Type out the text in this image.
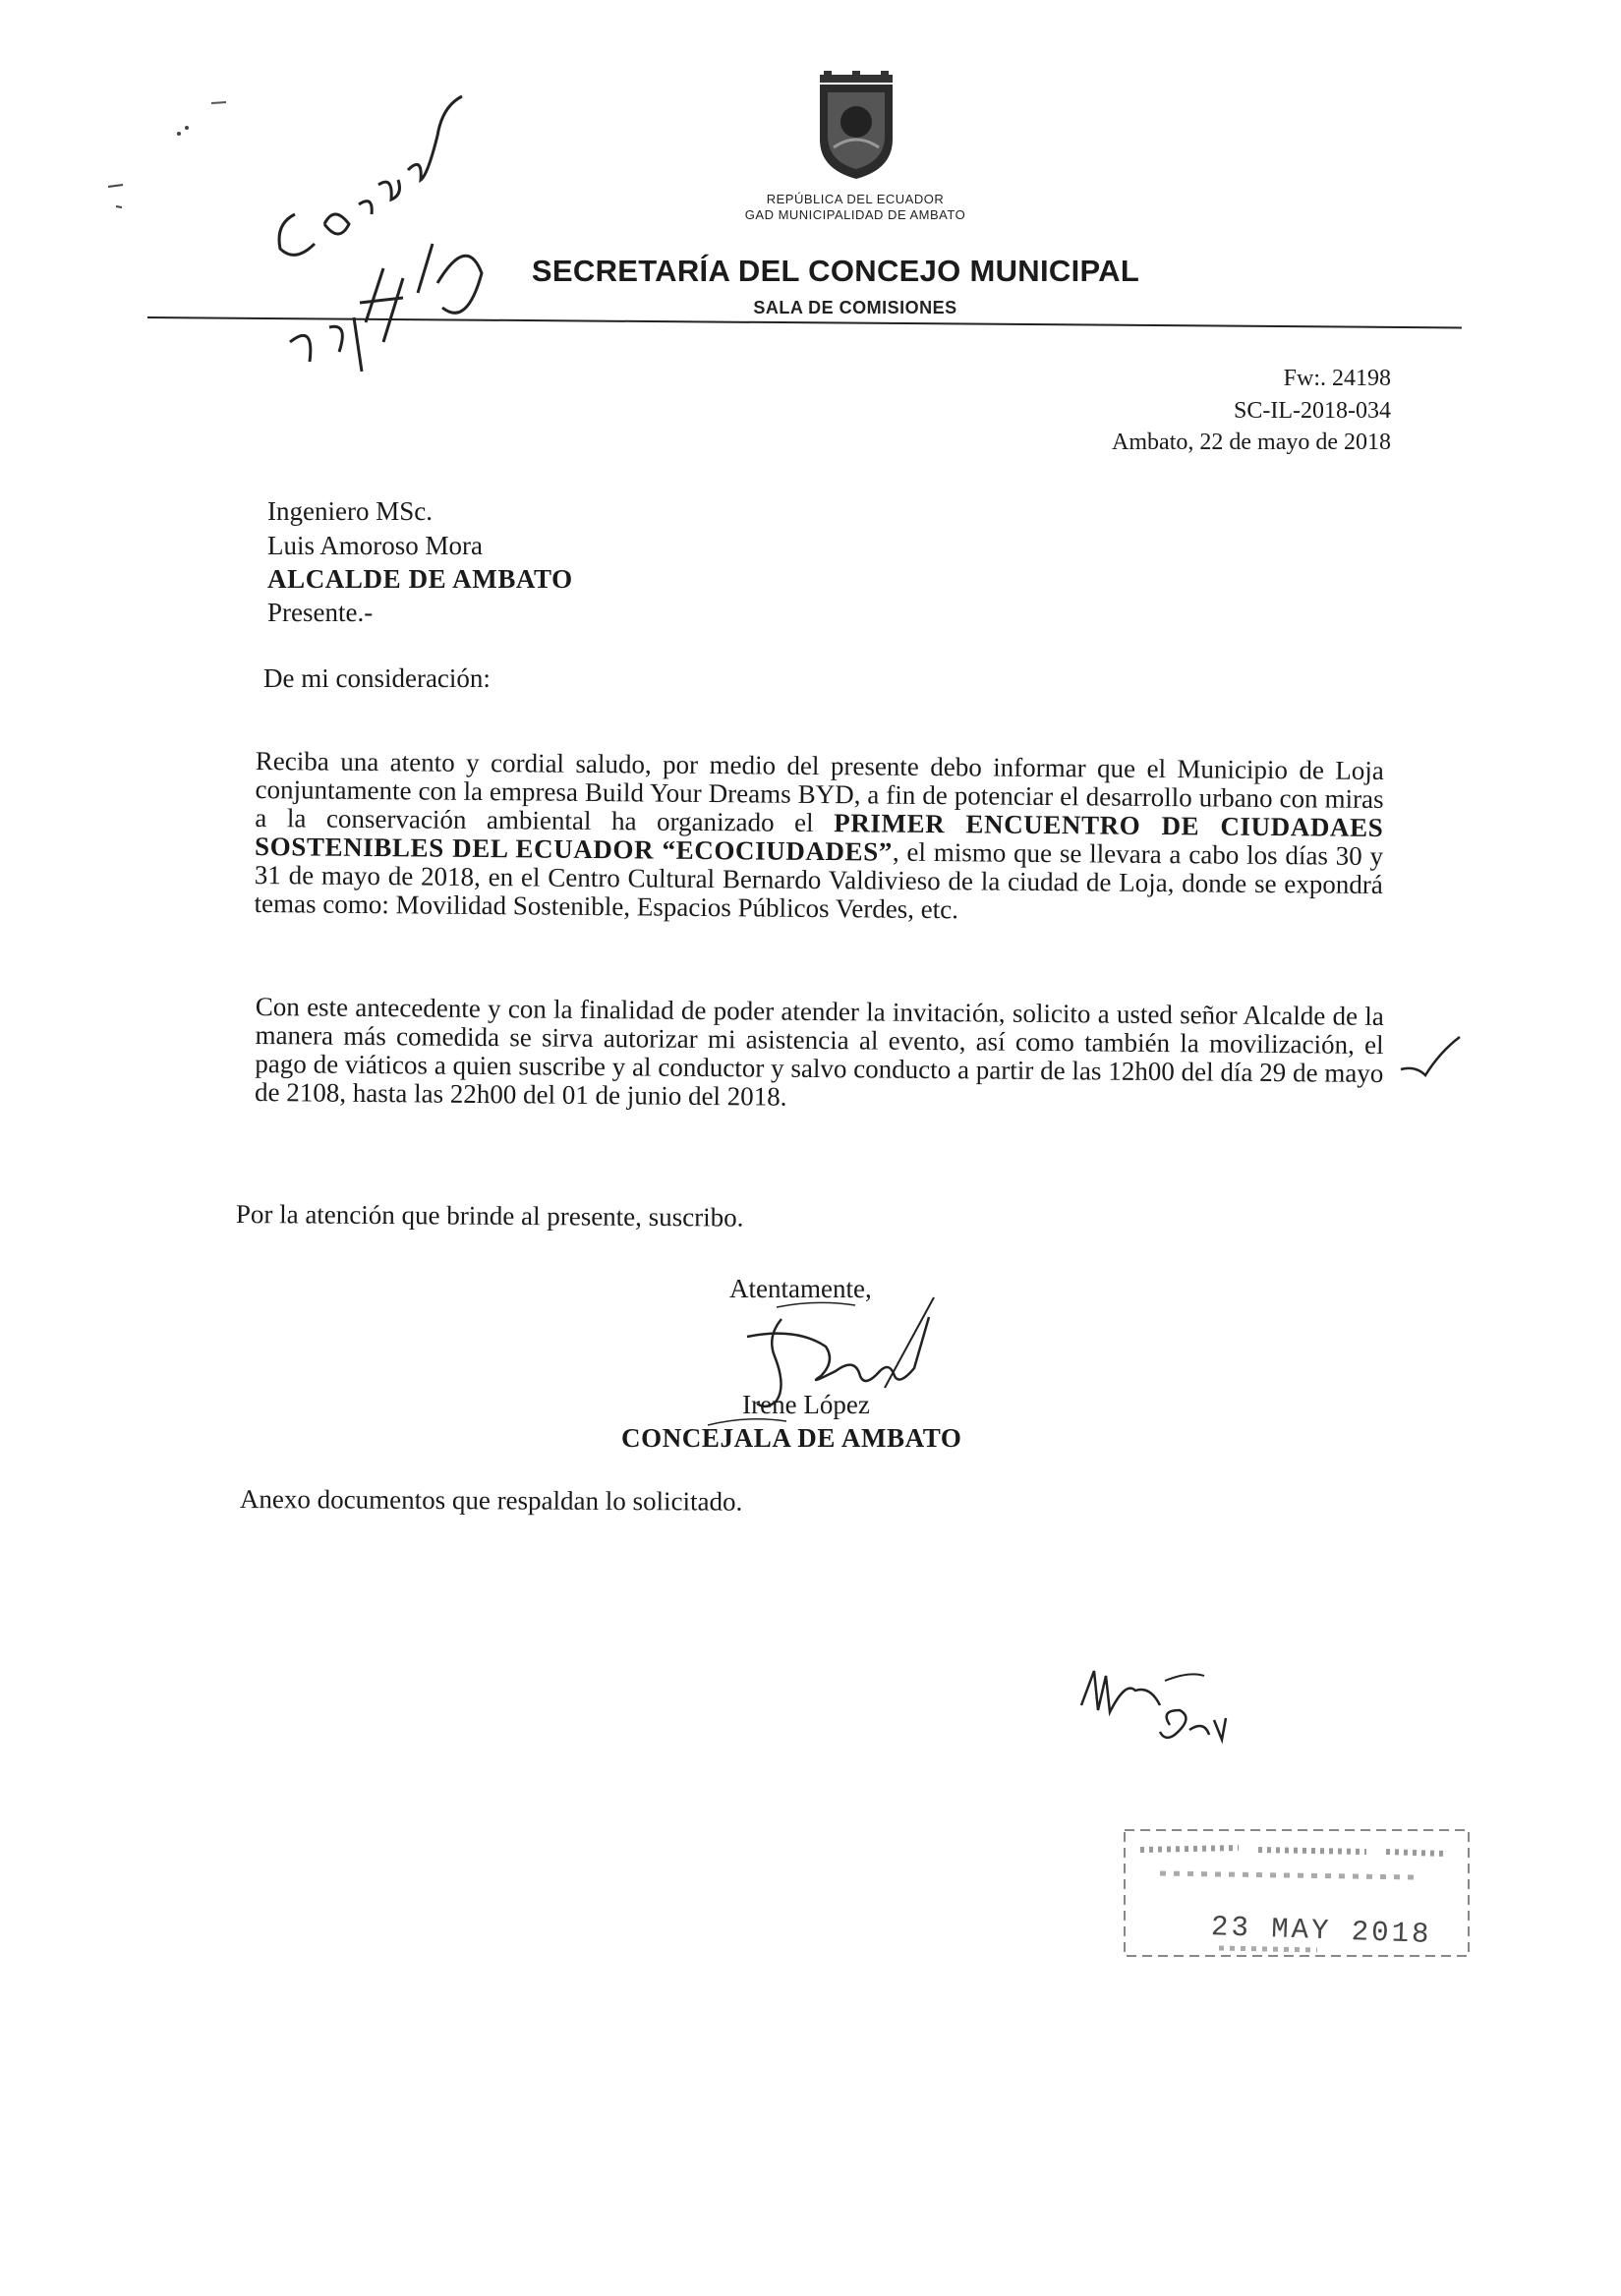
REPÚBLICA DEL ECUADOR
GAD MUNICIPALIDAD DE AMBATO
SECRETARÍA DEL CONCEJO MUNICIPAL
SALA DE COMISIONES
Fw:. 24198
SC-IL-2018-034
Ambato, 22 de mayo de 2018
Ingeniero MSc.
Luis Amoroso Mora
ALCALDE DE AMBATO
Presente.-
De mi consideración:
Reciba una atento y cordial saludo, por medio del presente debo informar que el Municipio de Loja conjuntamente con la empresa Build Your Dreams BYD, a fin de potenciar el desarrollo urbano con miras a la conservación ambiental ha organizado el PRIMER ENCUENTRO DE CIUDADAES SOSTENIBLES DEL ECUADOR “ECOCIUDADES”, el mismo que se llevara a cabo los días 30 y 31 de mayo de 2018, en el Centro Cultural Bernardo Valdivieso de la ciudad de Loja, donde se expondrá temas como: Movilidad Sostenible, Espacios Públicos Verdes, etc.
Con este antecedente y con la finalidad de poder atender la invitación, solicito a usted señor Alcalde de la manera más comedida se sirva autorizar mi asistencia al evento, así como también la movilización, el pago de viáticos a quien suscribe y al conductor y salvo conducto a partir de las 12h00 del día 29 de mayo de 2108, hasta las 22h00 del 01 de junio del 2018.
Por la atención que brinde al presente, suscribo.
Atentamente,
Irene López
CONCEJALA DE AMBATO
Anexo documentos que respaldan lo solicitado.
23 MAY 2018
